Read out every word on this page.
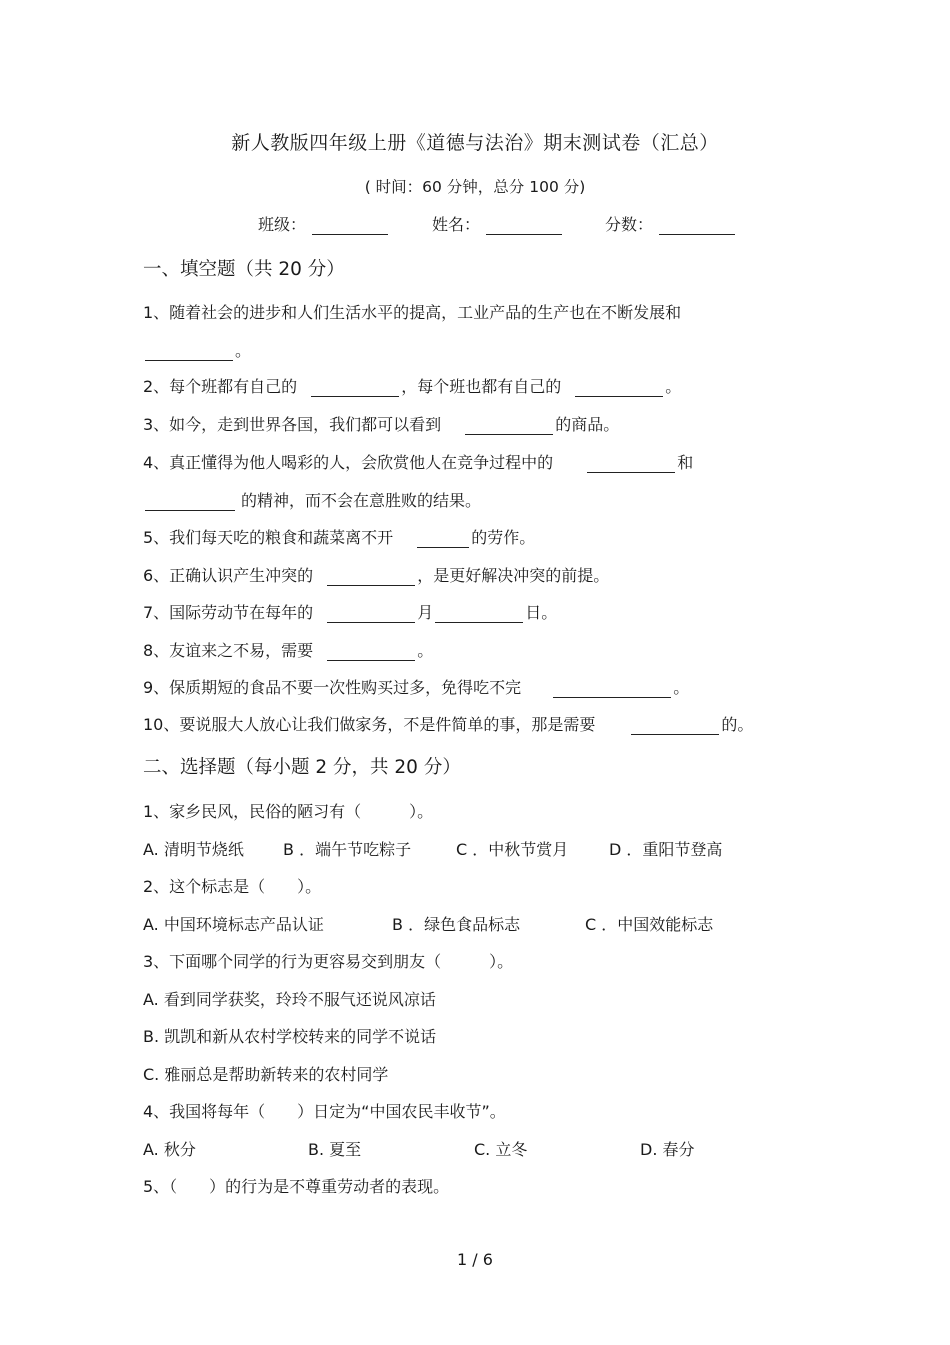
新人教版四年级上册《道德与法治》期末测试卷（汇总）
( 时间：60 分钟，总分 100 分)
班级：	姓名：	分数：
一、填空题（共 20 分）
1、随着社会的进步和人们生活水平的提高，工业产品的生产也在不断发展和
。
2、每个班都有自己的	，每个班也都有自己的	。
3、如今，走到世界各国，我们都可以看到	的商品。
4、真正懂得为他人喝彩的人，会欣赏他人在竞争过程中的	和
的精神，而不会在意胜败的结果。
5、我们每天吃的粮食和蔬菜离不开	的劳作。
6、正确认识产生冲突的	，是更好解决冲突的前提。
7、国际劳动节在每年的	月	日。
8、友谊来之不易，需要	。
9、保质期短的食品不要一次性购买过多，免得吃不完	。
10、要说服大人放心让我们做家务，不是件简单的事，那是需要	的。
二、选择题（每小题 2 分，共 20 分）
1、家乡民风，民俗的陋习有（　　　）。
A. 清明节烧纸 B ．端午节吃粽子	C ．中秋节赏月	D ．重阳节登高
2、这个标志是（　　）。
A. 中国环境标志产品认证	B ．绿色食品标志	C ．中国效能标志
3、下面哪个同学的行为更容易交到朋友（　　　）。
A. 看到同学获奖，玲玲不服气还说风凉话
B. 凯凯和新从农村学校转来的同学不说话
C. 雅丽总是帮助新转来的农村同学
4、我国将每年（　　）日定为“中国农民丰收节”。
A. 秋分	B. 夏至	C. 立冬	D. 春分
5、（　　）的行为是不尊重劳动者的表现。
1 / 6
